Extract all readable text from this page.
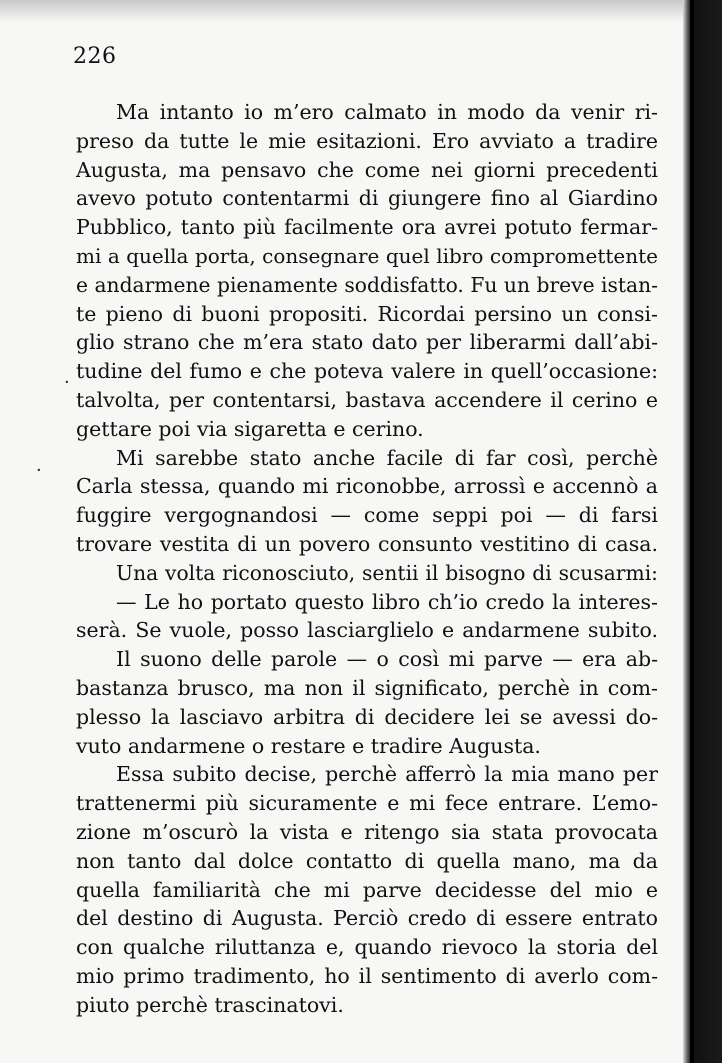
226
Ma intanto io m’ero calmato in modo da venir ri-
preso da tutte le mie esitazioni. Ero avviato a tradire
Augusta, ma pensavo che come nei giorni precedenti
avevo potuto contentarmi di giungere fino al Giardino
Pubblico, tanto più facilmente ora avrei potuto fermar-
mi a quella porta, consegnare quel libro compromettente
e andarmene pienamente soddisfatto. Fu un breve istan-
te pieno di buoni propositi. Ricordai persino un consi-
glio strano che m’era stato dato per liberarmi dall’abi-
tudine del fumo e che poteva valere in quell’occasione:
talvolta, per contentarsi, bastava accendere il cerino e
gettare poi via sigaretta e cerino.
Mi sarebbe stato anche facile di far così, perchè
Carla stessa, quando mi riconobbe, arrossì e accennò a
fuggire vergognandosi — come seppi poi — di farsi
trovare vestita di un povero consunto vestitino di casa.
Una volta riconosciuto, sentii il bisogno di scusarmi:
— Le ho portato questo libro ch’io credo la interes-
serà. Se vuole, posso lasciarglielo e andarmene subito.
Il suono delle parole — o così mi parve — era ab-
bastanza brusco, ma non il significato, perchè in com-
plesso la lasciavo arbitra di decidere lei se avessi do-
vuto andarmene o restare e tradire Augusta.
Essa subito decise, perchè afferrò la mia mano per
trattenermi più sicuramente e mi fece entrare. L’emo-
zione m’oscurò la vista e ritengo sia stata provocata
non tanto dal dolce contatto di quella mano, ma da
quella familiarità che mi parve decidesse del mio e
del destino di Augusta. Perciò credo di essere entrato
con qualche riluttanza e, quando rievoco la storia del
mio primo tradimento, ho il sentimento di averlo com-
piuto perchè trascinatovi.
·
·
